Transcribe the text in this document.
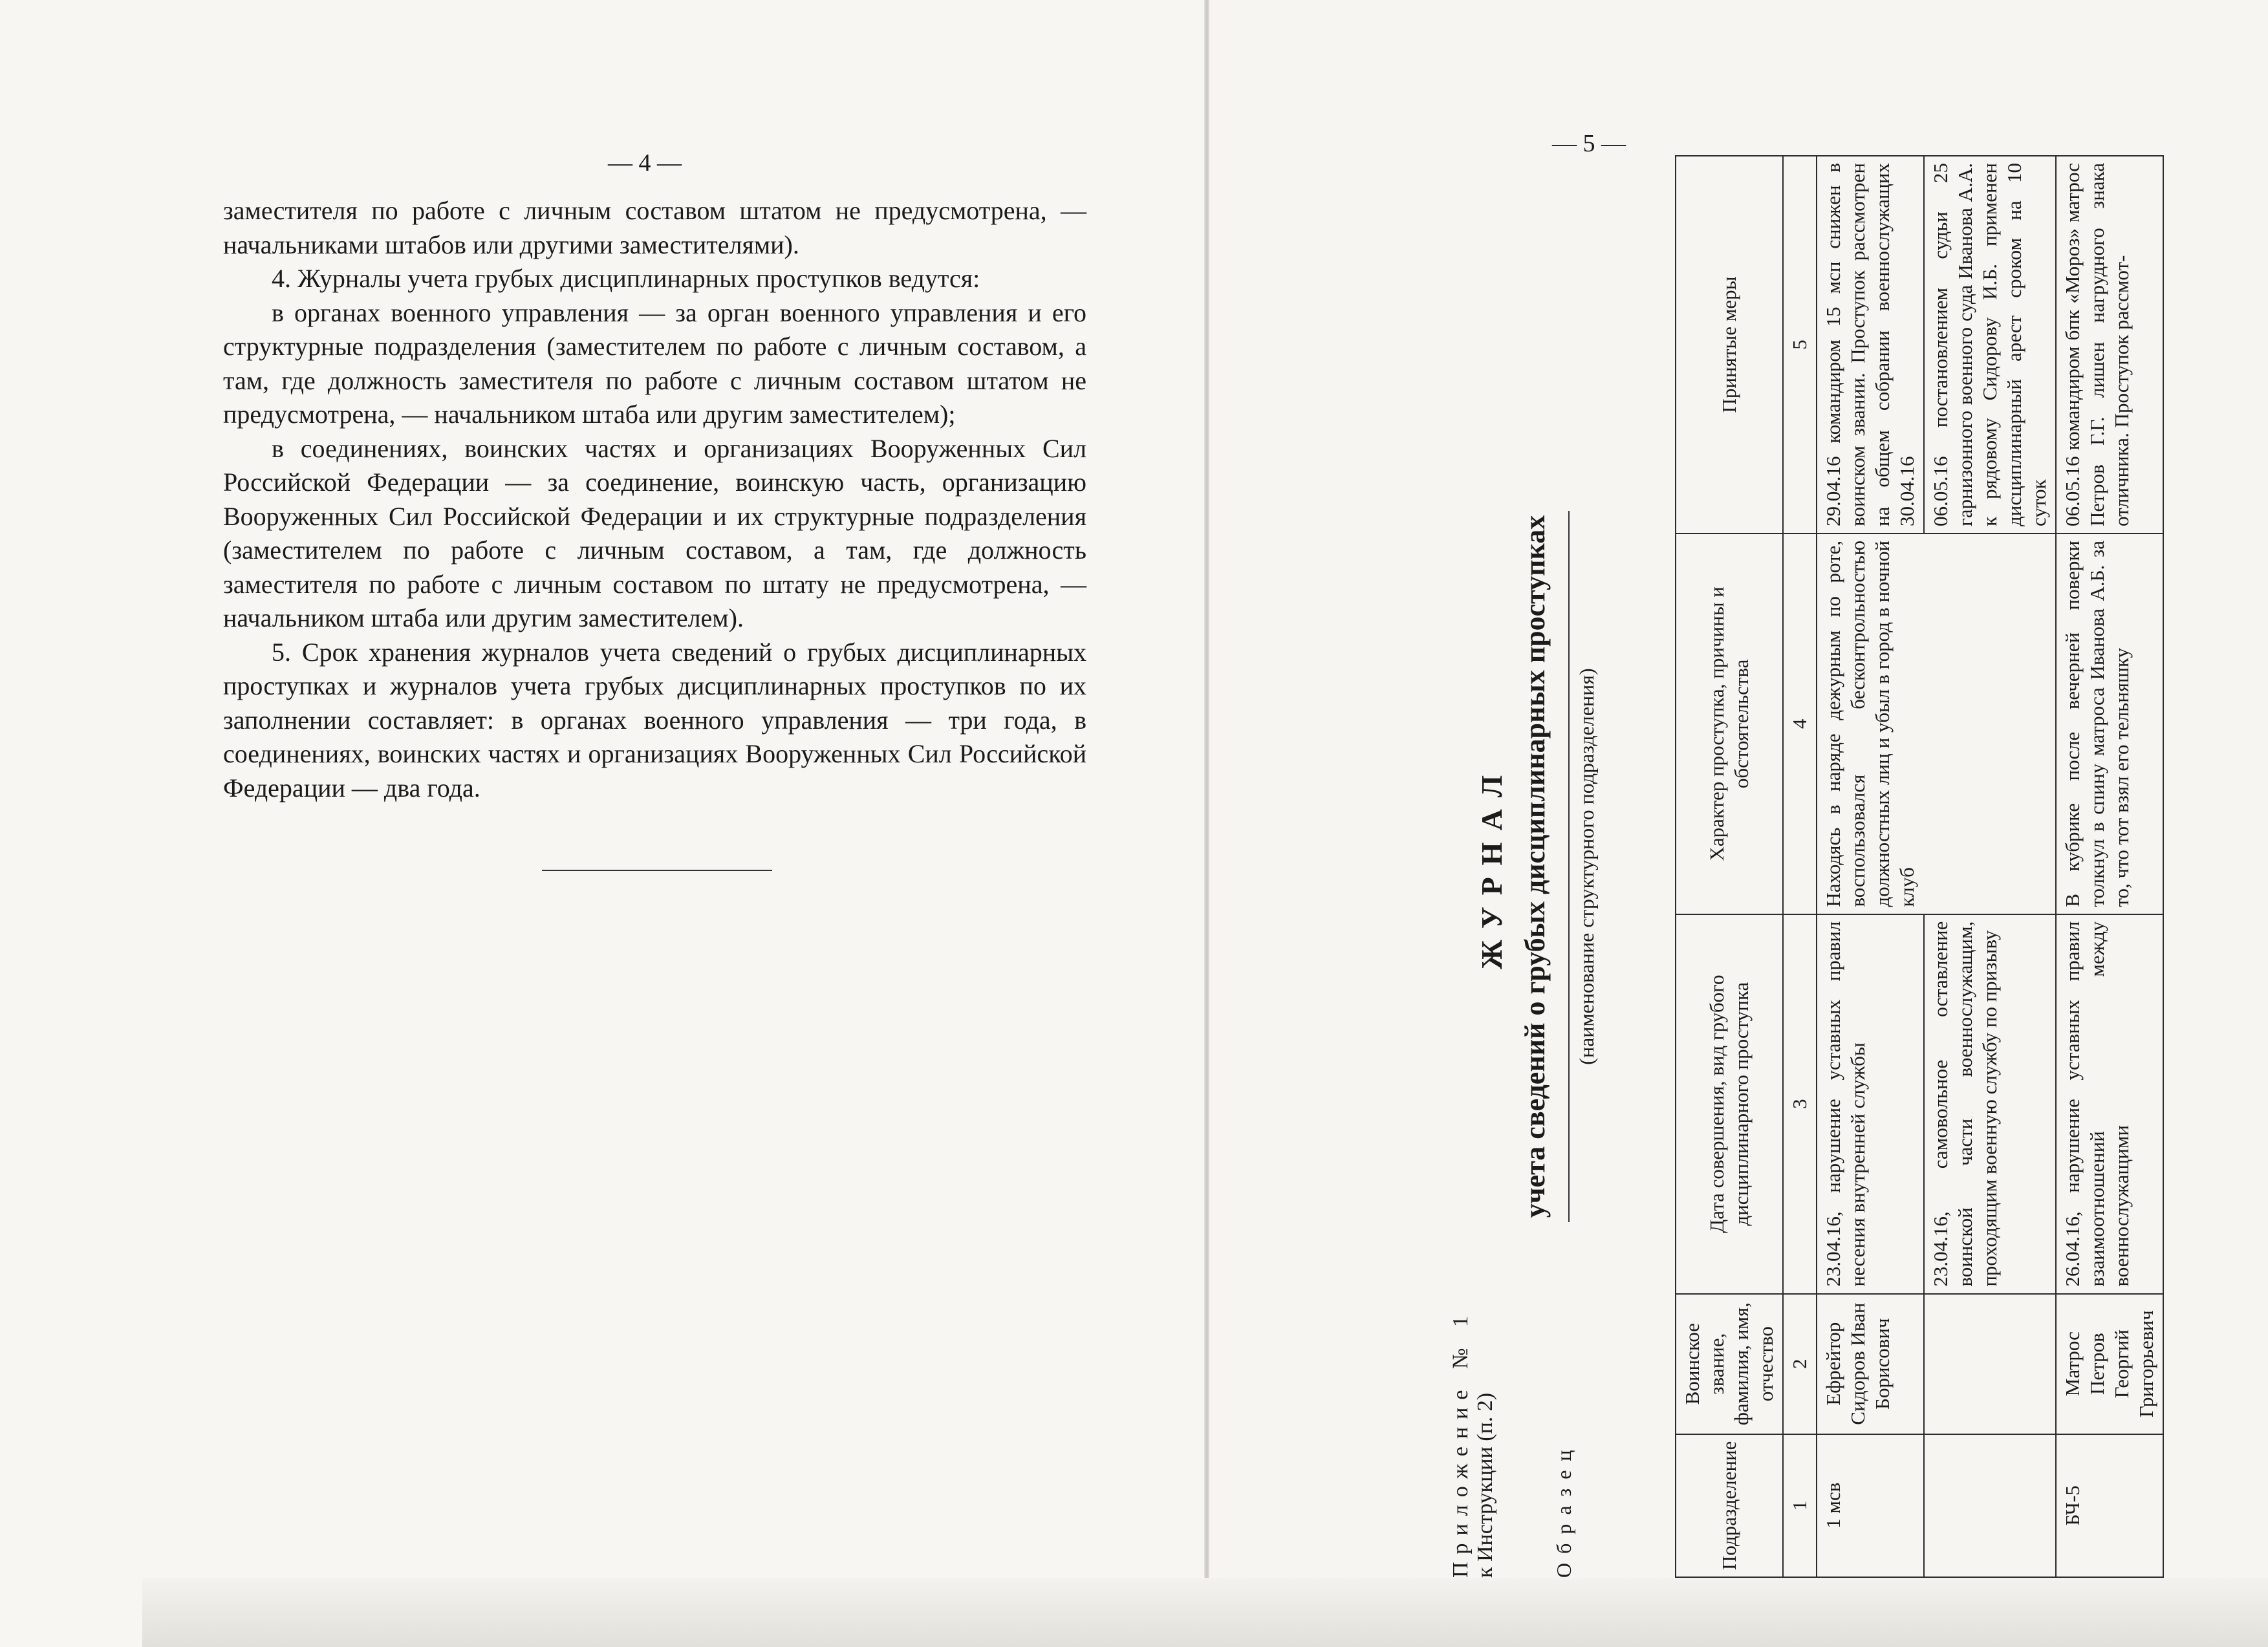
— 4 —

заместителя по работе с личным составом штатом не предусмотрена, — начальниками штабов или другими заместителями).

4. Журналы учета грубых дисциплинарных проступков ведутся:

в органах военного управления — за орган военного управления и его структурные подразделения (заместителем по работе с личным составом, а там, где должность заместителя по работе с личным составом штатом не предусмотрена, — начальником штаба или другим заместителем);

в соединениях, воинских частях и организациях Вооруженных Сил Российской Федерации — за соединение, воинскую часть, организацию Вооруженных Сил Российской Федерации и их структурные подразделения (заместителем по работе с личным составом, а там, где должность заместителя по работе с личным составом по штату не предусмотрена, — начальником штаба или другим заместителем).

5. Срок хранения журналов учета сведений о грубых дисциплинарных проступках и журналов учета грубых дисциплинарных проступков по их заполнении составляет: в органах военного управления — три года, в соединениях, воинских частях и организациях Вооруженных Сил Российской Федерации — два года.

— 5 —
Подразделение	Воинское звание, фамилия, имя, отчество	Дата совершения, вид грубого дисциплинарного проступка	Характер проступка, причины и обстоятельства	Принятые меры
1	2	3	4	5
1 мсв	Ефрейтор Сидоров Иван Борисович	23.04.16, нарушение уставных правил несения внутренней службы	Находясь в наряде дежурным по роте, воспользовался бесконтрольностью должностных лиц и убыл в город в ночной клуб	29.04.16 командиром 15 мсп снижен в воинском звании. Проступок рассмотрен на общем собрании военнослужащих 30.04.16
		23.04.16, самовольное оставление воинской части военнослужащим, проходящим военную службу по призыву		06.05.16 постановлением судьи 25 гарнизонного военного суда Иванова А.А. к рядовому Сидорову И.Б. применен дисциплинарный арест сроком на 10 суток
БЧ-5	Матрос Петров Георгий Григорьевич	26.04.16, нарушение уставных правил взаимоотношений между военнослужащими	В кубрике после вечерней поверки толкнул в спину матроса Иванова А.Б. за то, что тот взял его тельняшку	06.05.16 командиром бпк «Мороз» матрос Петров Г.Г. лишен нагрудного знака отличника. Проступок рассмот-
ЖУРНАЛ учета сведений о грубых дисциплинарных проступках (наименование структурного подразделения)
Приложение № 1 к Инструкции (п. 2)	Образец
